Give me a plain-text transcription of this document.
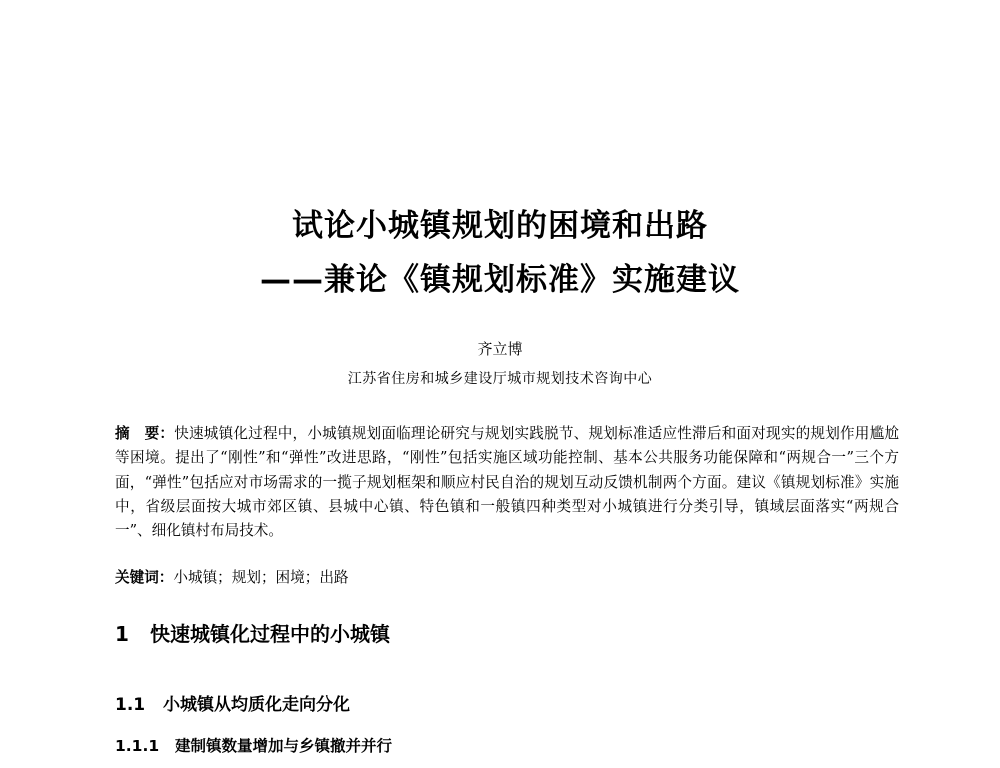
试论小城镇规划的困境和出路
——兼论《镇规划标准》实施建议
齐立博
江苏省住房和城乡建设厅城市规划技术咨询中心
摘　要：快速城镇化过程中，小城镇规划面临理论研究与规划实践脱节、规划标准适应性滞后和面对现实的规划作用尴尬等困境。提出了“刚性”和“弹性”改进思路，“刚性”包括实施区域功能控制、基本公共服务功能保障和“两规合一”三个方面，“弹性”包括应对市场需求的一揽子规划框架和顺应村民自治的规划互动反馈机制两个方面。建议《镇规划标准》实施中，省级层面按大城市郊区镇、县城中心镇、特色镇和一般镇四种类型对小城镇进行分类引导，镇域层面落实“两规合一”、细化镇村布局技术。
关键词：小城镇；规划；困境；出路
1 快速城镇化过程中的小城镇
1.1 小城镇从均质化走向分化
1.1.1 建制镇数量增加与乡镇撤并并行
